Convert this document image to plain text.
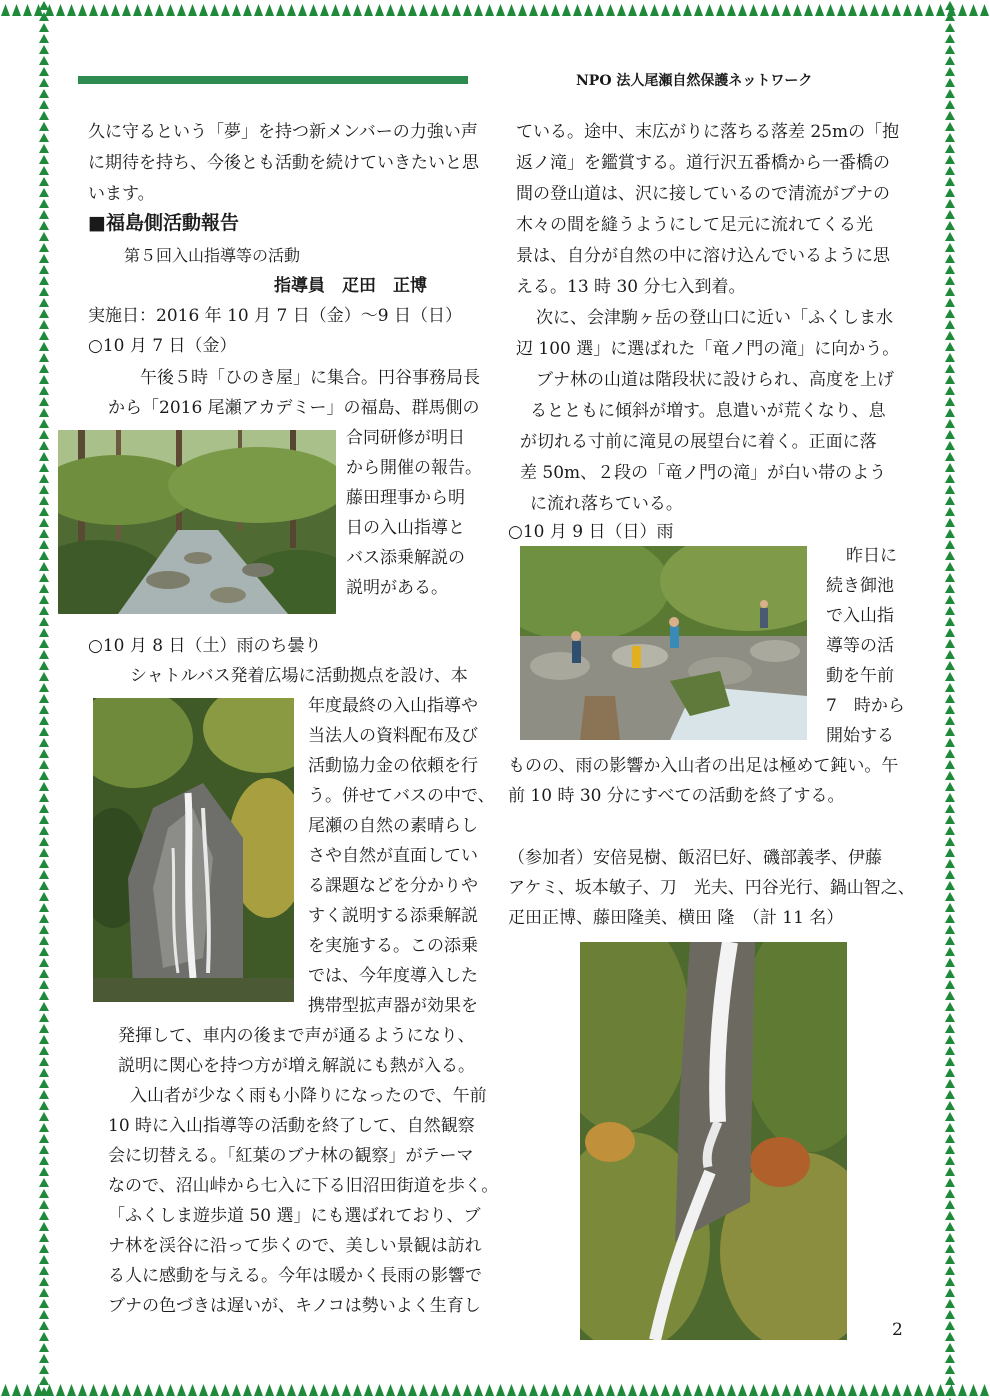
NPO 法人尾瀬自然保護ネットワーク
久に守るという「夢」を持つ新メンバーの力強い声
に期待を持ち、今後とも活動を続けていきたいと思
います。
■福島側活動報告
第５回入山指導等の活動
指導員　疋田　正博
実施日：2016 年 10 月 7 日（金）～9 日（日）
○10 月 7 日（金）
午後５時「ひのき屋」に集合。円谷事務局長
から「2016 尾瀬アカデミー」の福島、群馬側の
合同研修が明日
から開催の報告。
藤田理事から明
日の入山指導と
バス添乗解説の
説明がある。
○10 月 8 日（土）雨のち曇り
シャトルバス発着広場に活動拠点を設け、本
年度最終の入山指導や
当法人の資料配布及び
活動協力金の依頼を行
う。併せてバスの中で、
尾瀬の自然の素晴らし
さや自然が直面してい
る課題などを分かりや
すく説明する添乗解説
を実施する。この添乗
では、今年度導入した
携帯型拡声器が効果を
発揮して、車内の後まで声が通るようになり、
説明に関心を持つ方が増え解説にも熱が入る。
入山者が少なく雨も小降りになったので、午前
10 時に入山指導等の活動を終了して、自然観察
会に切替える。「紅葉のブナ林の観察」がテーマ
なので、沼山峠から七入に下る旧沼田街道を歩く。
「ふくしま遊歩道 50 選」にも選ばれており、ブ
ナ林を渓谷に沿って歩くので、美しい景観は訪れ
る人に感動を与える。今年は暖かく長雨の影響で
ブナの色づきは遅いが、キノコは勢いよく生育し
ている。途中、末広がりに落ちる落差 25mの「抱
返ノ滝」を鑑賞する。道行沢五番橋から一番橋の
間の登山道は、沢に接しているので清流がブナの
木々の間を縫うようにして足元に流れてくる光
景は、自分が自然の中に溶け込んでいるように思
える。13 時 30 分七入到着。
次に、会津駒ヶ岳の登山口に近い「ふくしま水
辺 100 選」に選ばれた「竜ノ門の滝」に向かう。
ブナ林の山道は階段状に設けられ、高度を上げ
るとともに傾斜が増す。息遣いが荒くなり、息
が切れる寸前に滝見の展望台に着く。正面に落
差 50m、２段の「竜ノ門の滝」が白い帯のよう
に流れ落ちている。
○10 月 9 日（日）雨
昨日に
続き御池
で入山指
導等の活
動を午前
7　時から
開始する
ものの、雨の影響か入山者の出足は極めて鈍い。午
前 10 時 30 分にすべての活動を終了する。
（参加者）安倍晃樹、飯沼巳好、磯部義孝、伊藤
アケミ、坂本敏子、刀　光夫、円谷光行、鍋山智之、
疋田正博、藤田隆美、横田 隆　（計 11 名）
2
